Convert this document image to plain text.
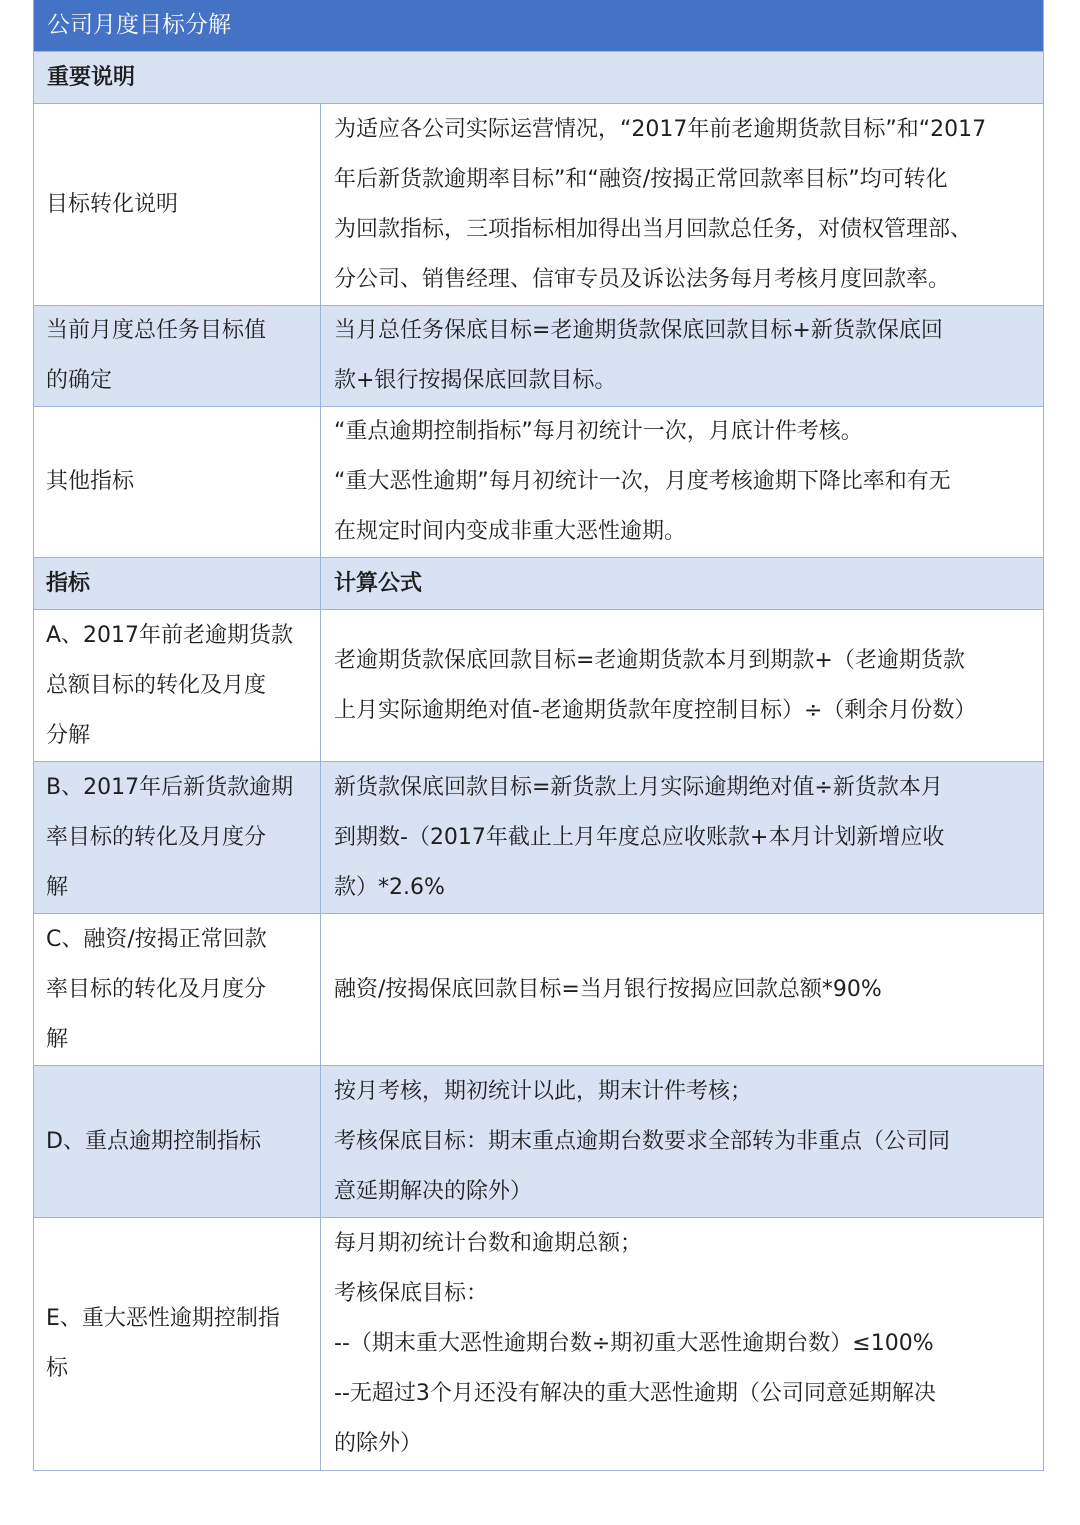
公司月度目标分解
重要说明
目标转化说明
为适应各公司实际运营情况，“2017年前老逾期货款目标”和“2017
年后新货款逾期率目标”和“融资/按揭正常回款率目标”均可转化
为回款指标，三项指标相加得出当月回款总任务，对债权管理部、
分公司、销售经理、信审专员及诉讼法务每月考核月度回款率。
当前月度总任务目标值
的确定
当月总任务保底目标=老逾期货款保底回款目标+新货款保底回
款+银行按揭保底回款目标。
其他指标
“重点逾期控制指标”每月初统计一次，月底计件考核。
“重大恶性逾期”每月初统计一次，月度考核逾期下降比率和有无
在规定时间内变成非重大恶性逾期。
指标	计算公式
A、2017年前老逾期货款
总额目标的转化及月度
分解
老逾期货款保底回款目标=老逾期货款本月到期款+（老逾期货款
上月实际逾期绝对值-老逾期货款年度控制目标）÷（剩余月份数）
B、2017年后新货款逾期
率目标的转化及月度分
解
新货款保底回款目标=新货款上月实际逾期绝对值÷新货款本月
到期数-（2017年截止上月年度总应收账款+本月计划新增应收
款）*2.6%
C、融资/按揭正常回款
率目标的转化及月度分
解
融资/按揭保底回款目标=当月银行按揭应回款总额*90%
D、重点逾期控制指标
按月考核，期初统计以此，期末计件考核；
考核保底目标：期末重点逾期台数要求全部转为非重点（公司同
意延期解决的除外）
E、重大恶性逾期控制指
标
每月期初统计台数和逾期总额；
考核保底目标：
--（期末重大恶性逾期台数÷期初重大恶性逾期台数）≤100%
--无超过3个月还没有解决的重大恶性逾期（公司同意延期解决
的除外）
